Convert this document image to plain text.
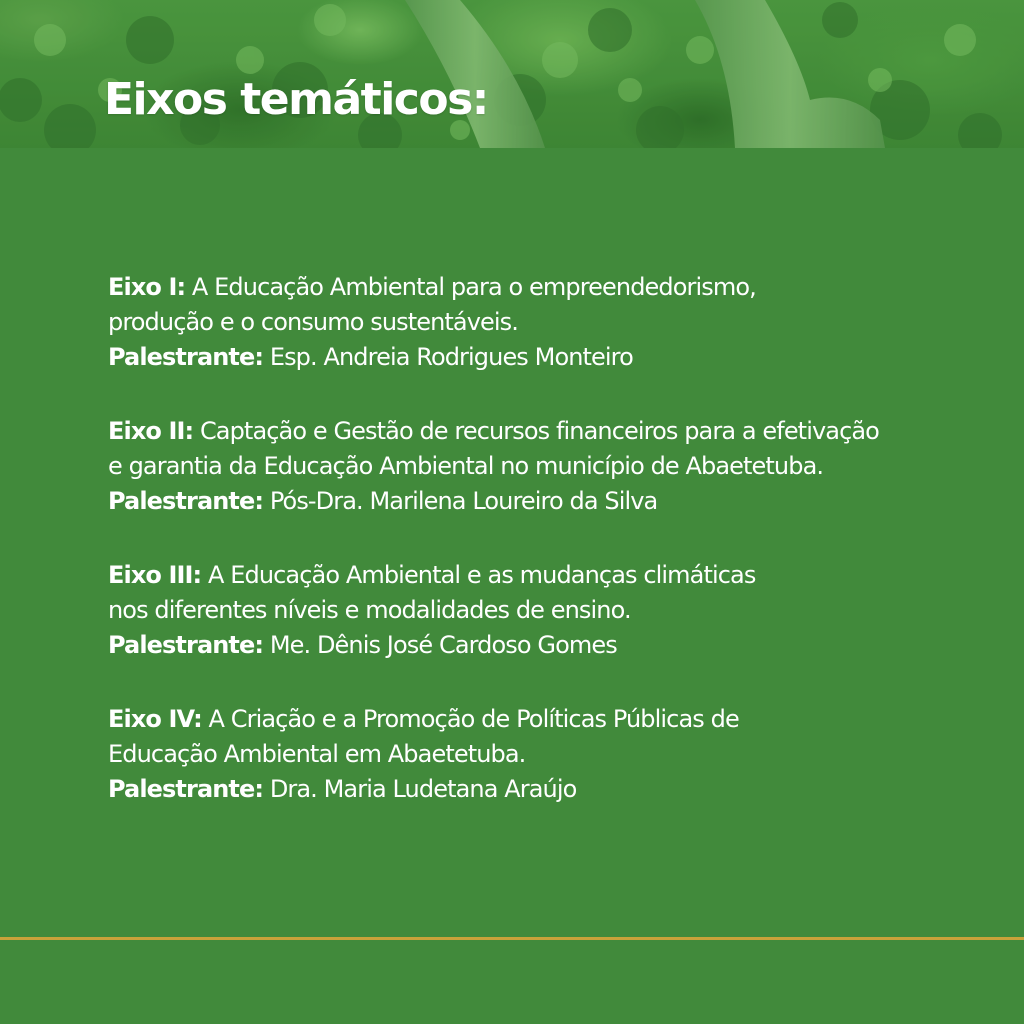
Eixos temáticos:
Eixo I: A Educação Ambiental para o empreendedorismo,
produção e o consumo sustentáveis.
Palestrante: Esp. Andreia Rodrigues Monteiro
Eixo II: Captação e Gestão de recursos financeiros para a efetivação
e garantia da Educação Ambiental no município de Abaetetuba.
Palestrante: Pós-Dra. Marilena Loureiro da Silva
Eixo III: A Educação Ambiental e as mudanças climáticas
nos diferentes níveis e modalidades de ensino.
Palestrante: Me. Dênis José Cardoso Gomes
Eixo IV: A Criação e a Promoção de Políticas Públicas de
Educação Ambiental em Abaetetuba.
Palestrante: Dra. Maria Ludetana Araújo
